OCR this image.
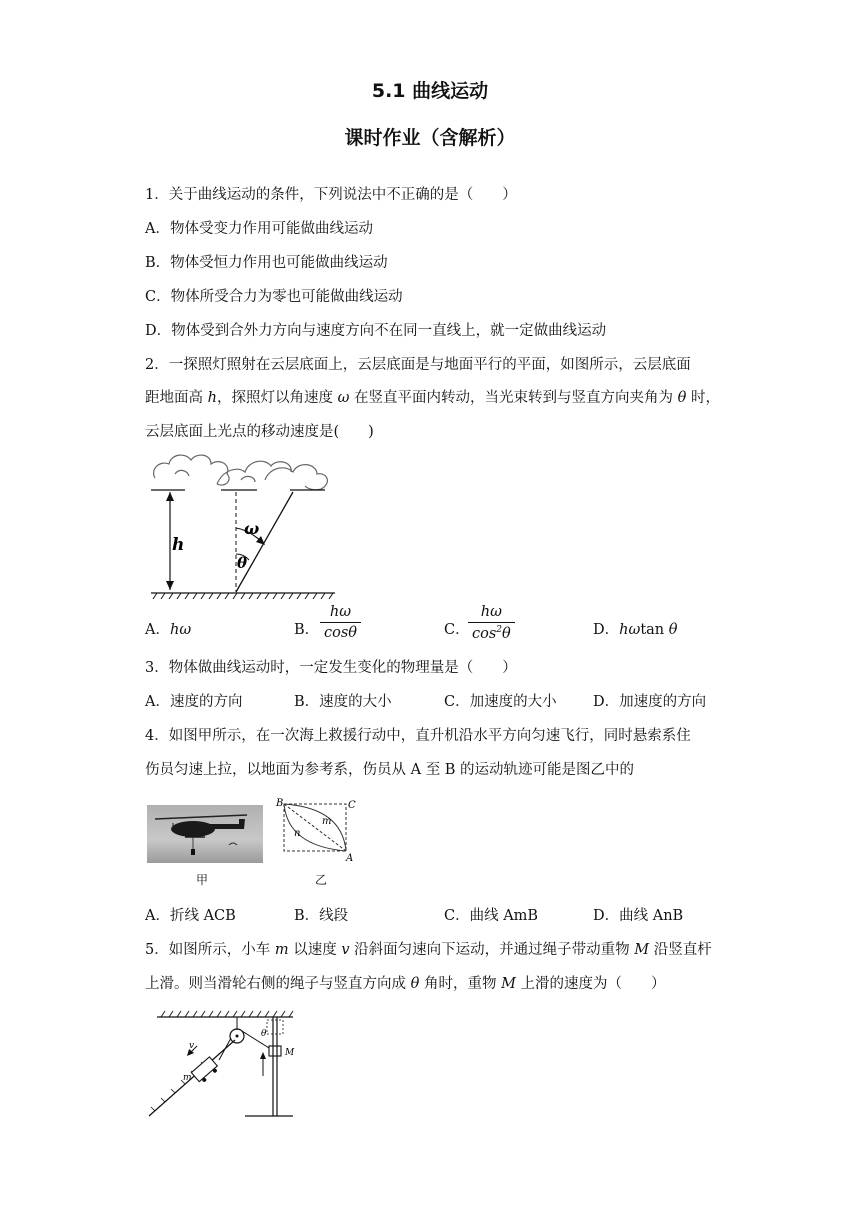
5.1 曲线运动
课时作业（含解析）
1．关于曲线运动的条件，下列说法中不正确的是（　　）
A．物体受变力作用可能做曲线运动
B．物体受恒力作用也可能做曲线运动
C．物体所受合力为零也可能做曲线运动
D．物体受到合外力方向与速度方向不在同一直线上，就一定做曲线运动
2．一探照灯照射在云层底面上，云层底面是与地面平行的平面，如图所示，云层底面
距地面高 h，探照灯以角速度 ω 在竖直平面内转动，当光束转到与竖直方向夹角为 θ 时，
云层底面上光点的移动速度是(　　)
h
ω
θ
A．hω	B．
hω
cosθ	C．
hω
$\cos^2\theta$	D．hωtan θ
3．物体做曲线运动时，一定发生变化的物理量是（　　）
A．速度的方向	B．速度的大小	C．加速度的大小	D．加速度的方向
4．如图甲所示，在一次海上救援行动中，直升机沿水平方向匀速飞行，同时悬索系住
伤员匀速上拉，以地面为参考系，伤员从 A 至 B 的运动轨迹可能是图乙中的
甲
B	C
A
m
n
乙
A．折线 ACB	B．线段	C．曲线 AmB	D．曲线 AnB
5．如图所示，小车 m 以速度 v 沿斜面匀速向下运动，并通过绳子带动重物 M 沿竖直杆
上滑。则当滑轮右侧的绳子与竖直方向成 θ 角时，重物 M 上滑的速度为（　　）
θ
M
v
m
